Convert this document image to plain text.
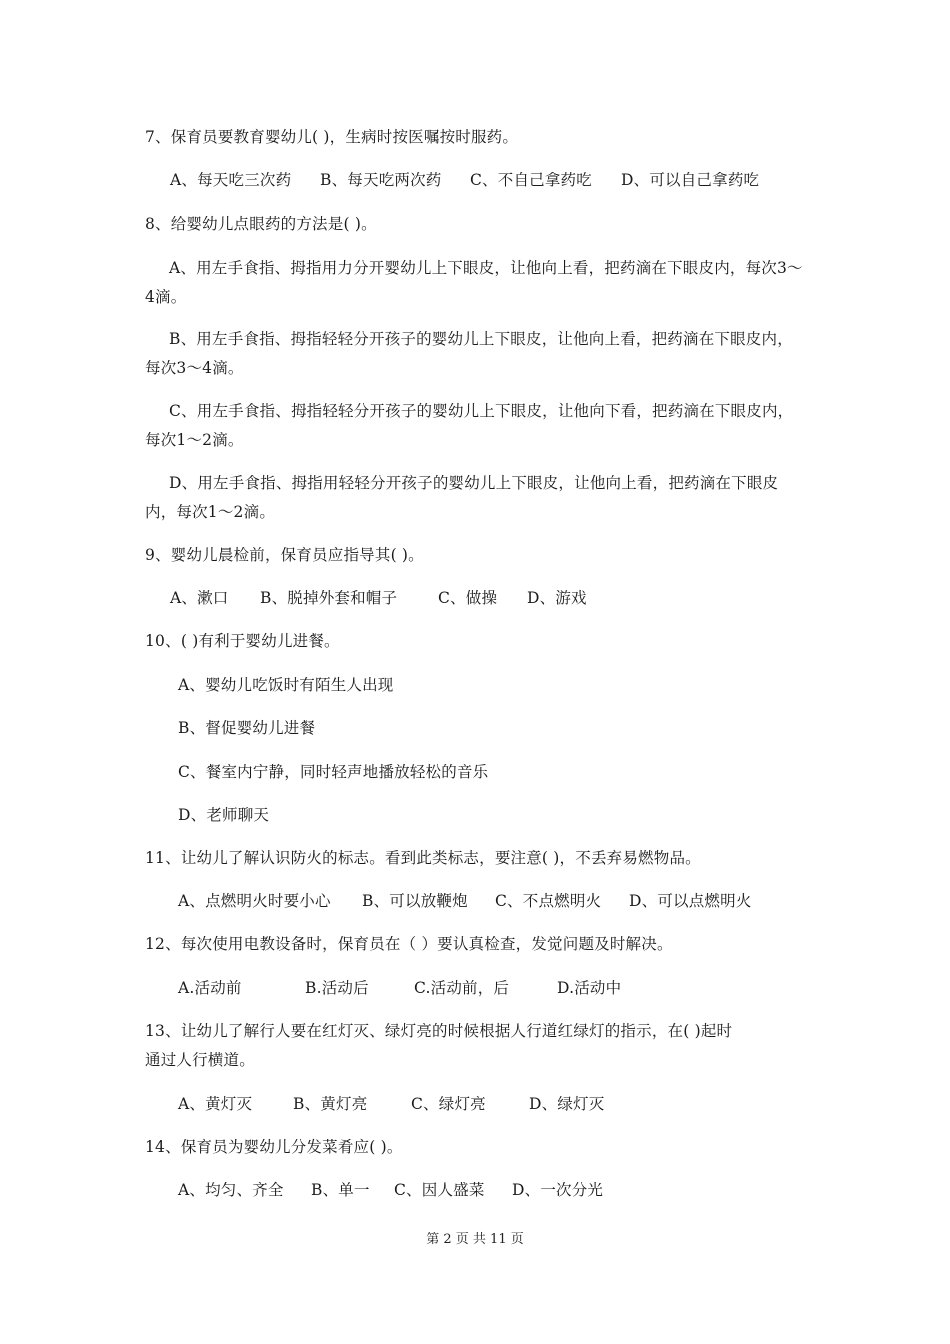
7、保育员要教育婴幼儿( )，生病时按医嘱按时服药。
A、每天吃三次药 B、每天吃两次药 C、不自己拿药吃 D、可以自己拿药吃
8、给婴幼儿点眼药的方法是( )。
A、用左手食指、拇指用力分开婴幼儿上下眼皮，让他向上看，把药滴在下眼皮内，每次3～4滴。
B、用左手食指、拇指轻轻分开孩子的婴幼儿上下眼皮，让他向上看，把药滴在下眼皮内，每次3～4滴。
C、用左手食指、拇指轻轻分开孩子的婴幼儿上下眼皮，让他向下看，把药滴在下眼皮内，每次1～2滴。
D、用左手食指、拇指用轻轻分开孩子的婴幼儿上下眼皮，让他向上看，把药滴在下眼皮内，每次1～2滴。
9、婴幼儿晨检前，保育员应指导其( )。
A、漱口 B、脱掉外套和帽子	C、做操 D、游戏
10、( )有利于婴幼儿进餐。
A、婴幼儿吃饭时有陌生人出现
B、督促婴幼儿进餐
C、餐室内宁静，同时轻声地播放轻松的音乐
D、老师聊天
11、让幼儿了解认识防火的标志。看到此类标志，要注意( )，不丢弃易燃物品。
A、点燃明火时要小心 B、可以放鞭炮 C、不点燃明火 D、可以点燃明火
12、每次使用电教设备时，保育员在（ ）要认真检查，发觉问题及时解决。
A.活动前	B.活动后	C.活动前，后	D.活动中
13、让幼儿了解行人要在红灯灭、绿灯亮的时候根据人行道红绿灯的指示，在( )起时
通过人行横道。
A、黄灯灭	B、黄灯亮	C、绿灯亮	D、绿灯灭
14、保育员为婴幼儿分发菜肴应( )。
A、均匀、齐全 B、单一 C、因人盛菜 D、一次分光
第 2 页 共 11 页
